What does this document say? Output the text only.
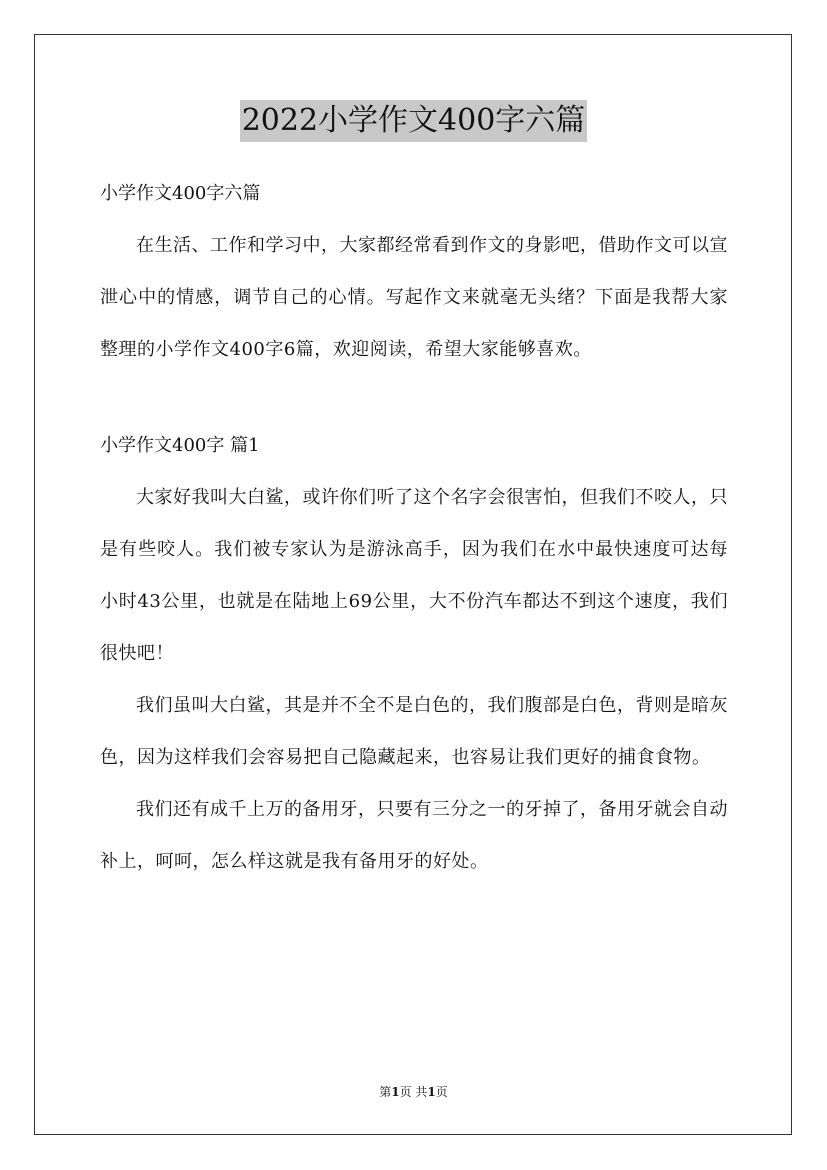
2022小学作文400字六篇

小学作文400字六篇

在生活、工作和学习中，大家都经常看到作文的身影吧，借助作文可以宣泄心中的情感，调节自己的心情。写起作文来就毫无头绪？下面是我帮大家整理的小学作文400字6篇，欢迎阅读，希望大家能够喜欢。

小学作文400字 篇1

大家好我叫大白鲨，或许你们听了这个名字会很害怕，但我们不咬人，只是有些咬人。我们被专家认为是游泳高手，因为我们在水中最快速度可达每小时43公里，也就是在陆地上69公里，大不份汽车都达不到这个速度，我们很快吧！

我们虽叫大白鲨，其是并不全不是白色的，我们腹部是白色，背则是暗灰色，因为这样我们会容易把自己隐藏起来，也容易让我们更好的捕食食物。

我们还有成千上万的备用牙，只要有三分之一的牙掉了，备用牙就会自动补上，呵呵，怎么样这就是我有备用牙的好处。

第1页 共1页
